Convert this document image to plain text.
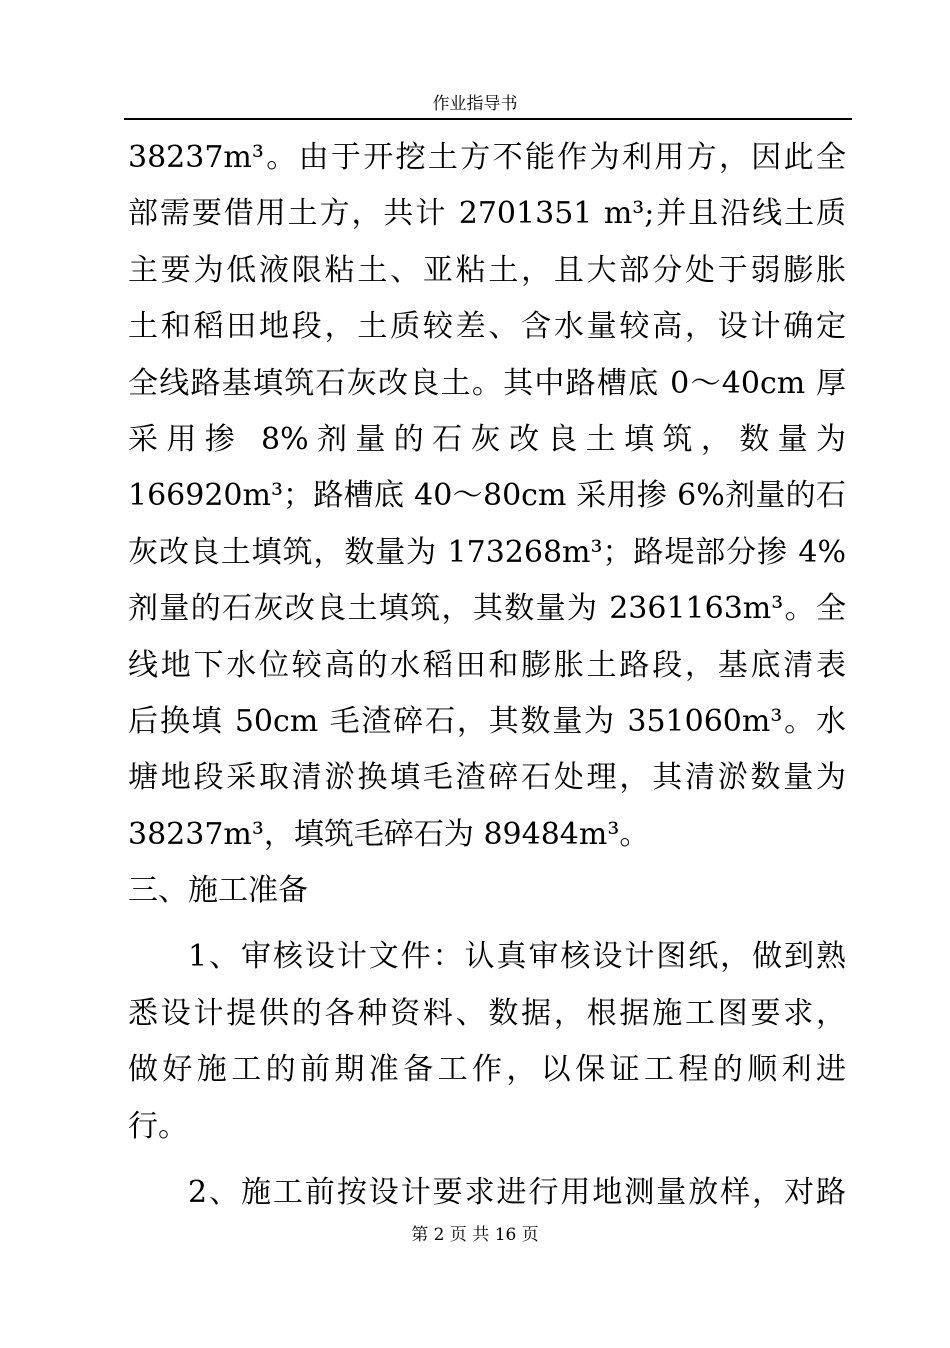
作业指导书
38237m³。由于开挖土方不能作为利用方，因此全
部需要借用土方，共计 2701351 m³;并且沿线土质
主要为低液限粘土、亚粘土，且大部分处于弱膨胀
土和稻田地段，土质较差、含水量较高，设计确定
全线路基填筑石灰改良土。其中路槽底 0～40cm 厚
采用掺 8%剂量的石灰改良土填筑，数量为
166920m³；路槽底 40～80cm 采用掺 6%剂量的石
灰改良土填筑，数量为 173268m³；路堤部分掺 4%
剂量的石灰改良土填筑，其数量为 2361163m³。全
线地下水位较高的水稻田和膨胀土路段，基底清表
后换填 50cm 毛渣碎石，其数量为 351060m³。水
塘地段采取清淤换填毛渣碎石处理，其清淤数量为
38237m³，填筑毛碎石为 89484m³。
三、施工准备
1、审核设计文件：认真审核设计图纸，做到熟
悉设计提供的各种资料、数据，根据施工图要求，
做好施工的前期准备工作，以保证工程的顺利进
行。
2、施工前按设计要求进行用地测量放样，对路
第 2 页 共 16 页
